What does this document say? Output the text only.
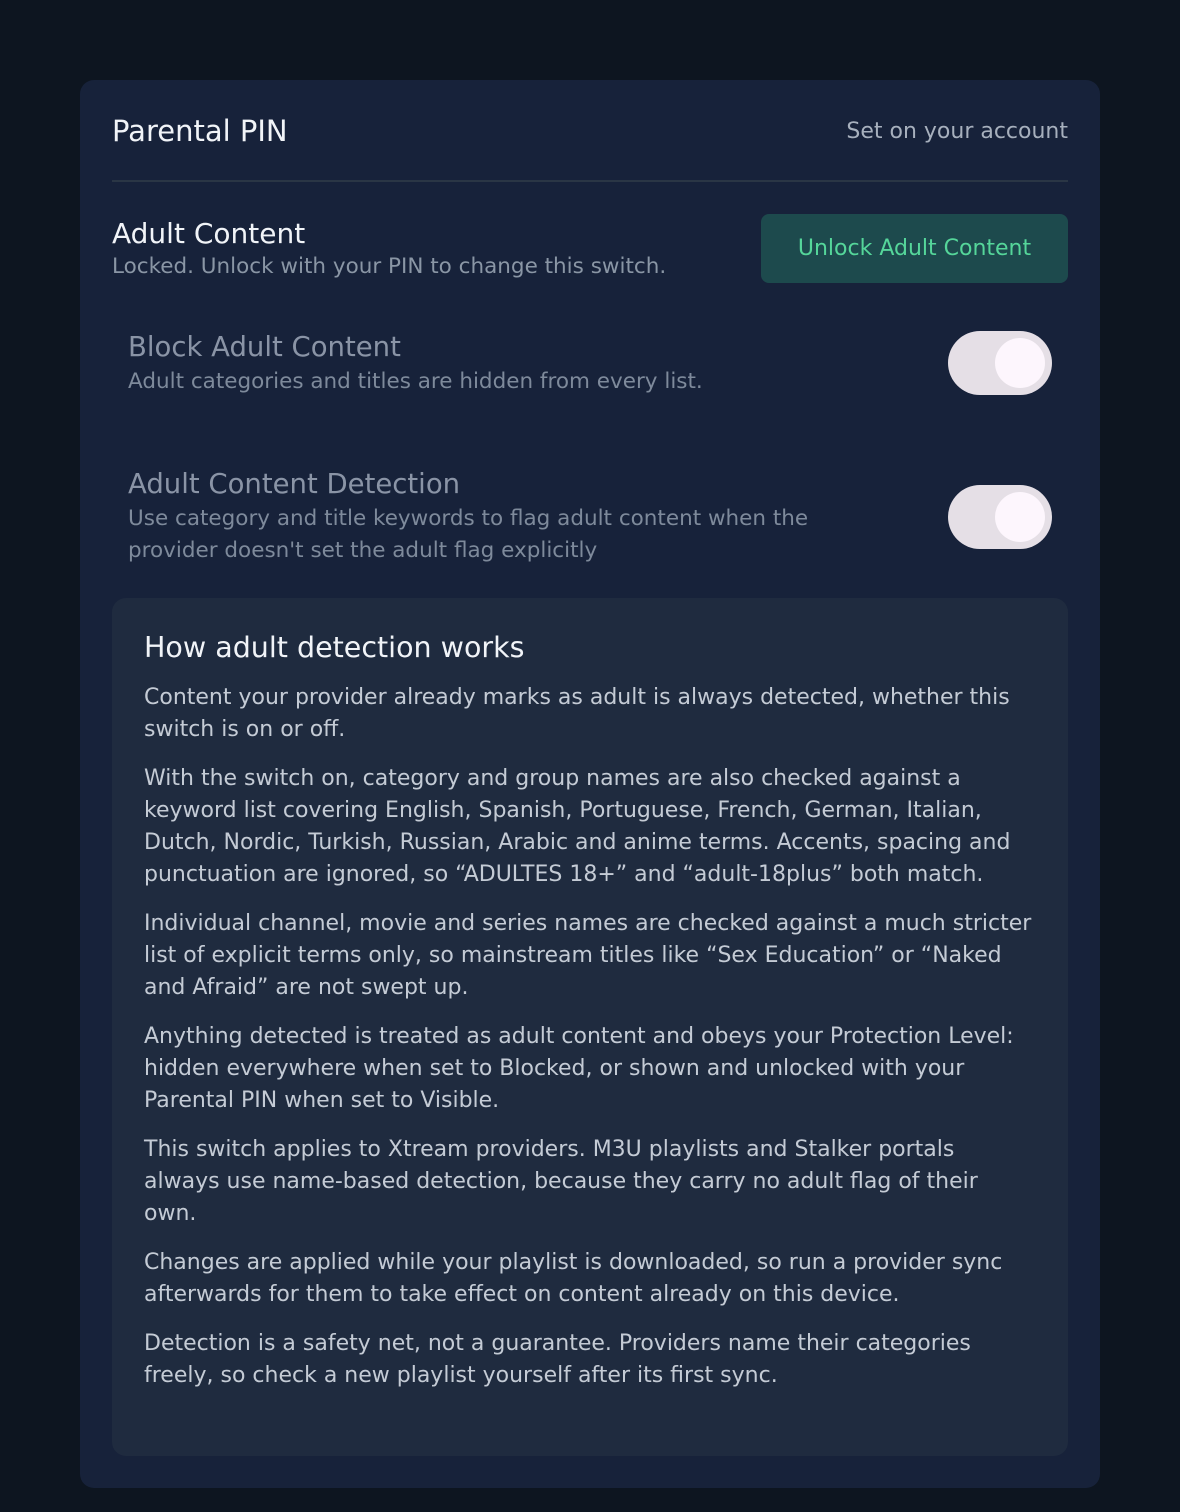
Parental PIN	Set on your account
Adult Content
Locked. Unlock with your PIN to change this switch.
Unlock Adult Content
Block Adult Content
Adult categories and titles are hidden from every list.
Adult Content Detection
Use category and title keywords to flag adult content when the provider doesn't set the adult flag explicitly
How adult detection works

Content your provider already marks as adult is always detected, whether this switch is on or off.

With the switch on, category and group names are also checked against a keyword list covering English, Spanish, Portuguese, French, German, Italian, Dutch, Nordic, Turkish, Russian, Arabic and anime terms. Accents, spacing and punctuation are ignored, so “ADULTES 18+” and “adult-18plus” both match.

Individual channel, movie and series names are checked against a much stricter list of explicit terms only, so mainstream titles like “Sex Education” or “Naked and Afraid” are not swept up.

Anything detected is treated as adult content and obeys your Protection Level: hidden everywhere when set to Blocked, or shown and unlocked with your Parental PIN when set to Visible.

This switch applies to Xtream providers. M3U playlists and Stalker portals always use name-based detection, because they carry no adult flag of their own.

Changes are applied while your playlist is downloaded, so run a provider sync afterwards for them to take effect on content already on this device.

Detection is a safety net, not a guarantee. Providers name their categories freely, so check a new playlist yourself after its first sync.
